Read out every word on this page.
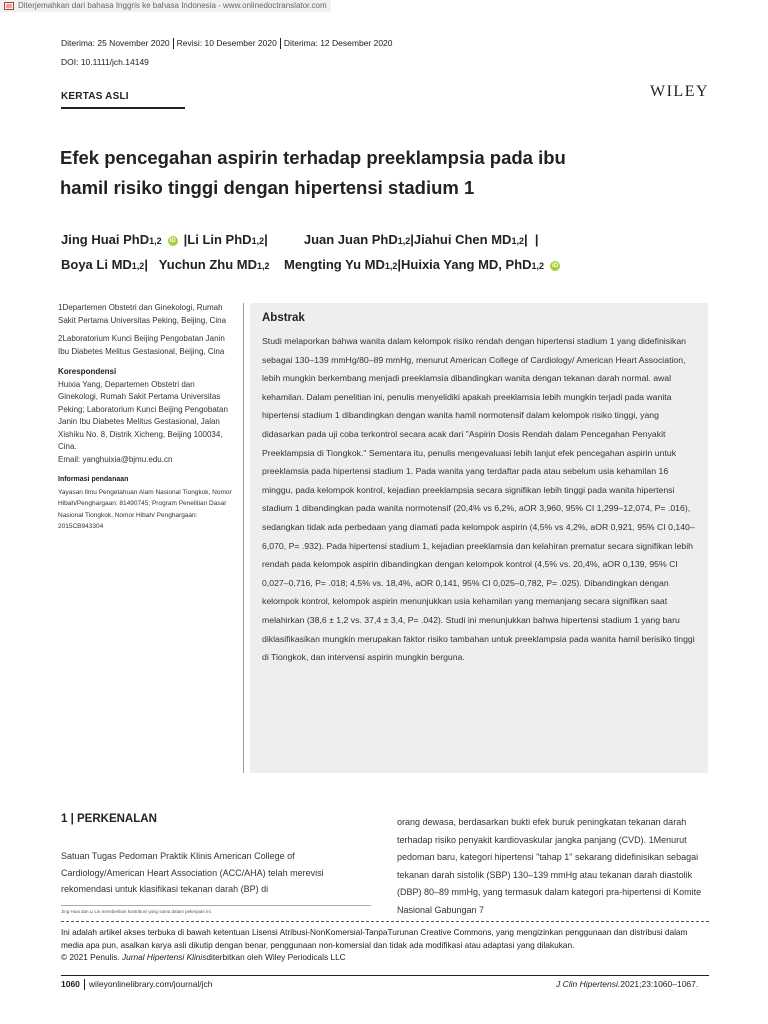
Diterjemahkan dari bahasa Inggris ke bahasa Indonesia - www.onlinedoctranslator.com
Diterima: 25 November 2020 Revisi: 10 Desember 2020 Diterima: 12 Desember 2020
DOI: 10.1111/jch.14149
KERTAS ASLI	WILEY
Efek pencegahan aspirin terhadap preeklampsia pada ibu
hamil risiko tinggi dengan hipertensi stadium 1
Jing Huai PhD1,2 iD |Li Lin PhD1,2|          Juan Juan PhD1,2|Jiahui Chen MD1,2|  |
Boya Li MD1,2|   Yuchun Zhu MD1,2 Mengting Yu MD1,2|Huixia Yang MD, PhD1,2 iD

1Departemen Obstetri dan Ginekologi, Rumah Sakit Pertama Universitas Peking, Beijing, Cina

2Laboratorium Kunci Beijing Pengobatan Janin Ibu Diabetes Melitus Gestasional, Beijing, Cina

Korespondensi

Huixia Yang, Departemen Obstetri dan Ginekologi, Rumah Sakit Pertama Universitas Peking; Laboratorium Kunci Beijing Pengobatan Janin Ibu Diabetes Melitus Gestasional, Jalan Xishiku No. 8, Distrik Xicheng, Beijing 100034, Cina.

Email: yanghuixia@bjmu.edu.cn

Informasi pendanaan

Yayasan Ilmu Pengetahuan Alam Nasional Tiongkok, Nomor Hibah/Penghargaan: 81490745; Program Penelitian Dasar Nasional Tiongkok, Nomor Hibah/ Penghargaan: 2015CB943304

Abstrak
Studi melaporkan bahwa wanita dalam kelompok risiko rendah dengan hipertensi stadium 1 yang didefinisikan sebagai 130–139 mmHg/80–89 mmHg, menurut American College of Cardiology/ American Heart Association, lebih mungkin berkembang menjadi preeklamsia dibandingkan wanita dengan tekanan darah normal. awal kehamilan. Dalam penelitian ini, penulis menyelidiki apakah preeklamsia lebih mungkin terjadi pada wanita hipertensi stadium 1 dibandingkan dengan wanita hamil normotensif dalam kelompok risiko tinggi, yang didasarkan pada uji coba terkontrol secara acak dari "Aspirin Dosis Rendah dalam Pencegahan Penyakit Preeklampsia di Tiongkok." Sementara itu, penulis mengevaluasi lebih lanjut efek pencegahan aspirin untuk preeklamsia pada hipertensi stadium 1. Pada wanita yang terdaftar pada atau sebelum usia kehamilan 16 minggu, pada kelompok kontrol, kejadian preeklampsia secara signifikan lebih tinggi pada wanita hipertensi stadium 1 dibandingkan pada wanita normotensif (20,4% vs 6,2%, aOR 3,960, 95% CI 1,299–12,074, P= .016), sedangkan tidak ada perbedaan yang diamati pada kelompok aspirin (4,5% vs 4,2%, aOR 0,921, 95% CI 0,140– 6,070, P= .932). Pada hipertensi stadium 1, kejadian preeklamsia dan kelahiran prematur secara signifikan lebih rendah pada kelompok aspirin dibandingkan dengan kelompok kontrol (4,5% vs. 20,4%, aOR 0,139, 95% CI 0,027–0,716, P= .018; 4,5% vs. 18,4%, aOR 0,141, 95% CI 0,025–0,782, P= .025). Dibandingkan dengan kelompok kontrol, kelompok aspirin menunjukkan usia kehamilan yang memanjang secara signifikan saat melahirkan (38,6 ± 1,2 vs. 37,4 ± 3,4, P= .042). Studi ini menunjukkan bahwa hipertensi stadium 1 yang baru diklasifikasikan mungkin merupakan faktor risiko tambahan untuk preeklampsia pada wanita hamil berisiko tinggi di Tiongkok, dan intervensi aspirin mungkin berguna.
1 | PERKENALAN
Satuan Tugas Pedoman Praktik Klinis American College of Cardiology/American Heart Association (ACC/AHA) telah merevisi rekomendasi untuk klasifikasi tekanan darah (BP) di
orang dewasa, berdasarkan bukti efek buruk peningkatan tekanan darah terhadap risiko penyakit kardiovaskular jangka panjang (CVD). 1Menurut pedoman baru, kategori hipertensi "tahap 1" sekarang didefinisikan sebagai tekanan darah sistolik (SBP) 130–139 mmHg atau tekanan darah diastolik (DBP) 80–89 mmHg, yang termasuk dalam kategori pra-hipertensi di Komite Nasional Gabungan 7
Jing Huai dan Li Lin memberikan kontribusi yang sama dalam pekerjaan ini.
Ini adalah artikel akses terbuka di bawah ketentuan Lisensi Atribusi-NonKomersial-TanpaTurunan Creative Commons, yang mengizinkan penggunaan dan distribusi dalam media apa pun, asalkan karya asli dikutip dengan benar, penggunaan non-komersial dan tidak ada modifikasi atau adaptasi yang dilakukan.
© 2021 Penulis. Jurnal Hipertensi Klinisditerbitkan oleh Wiley Periodicals LLC
1060 wileyonlinelibrary.com/journal/jch	J Clin Hipertensi.2021;23:1060–1067.
